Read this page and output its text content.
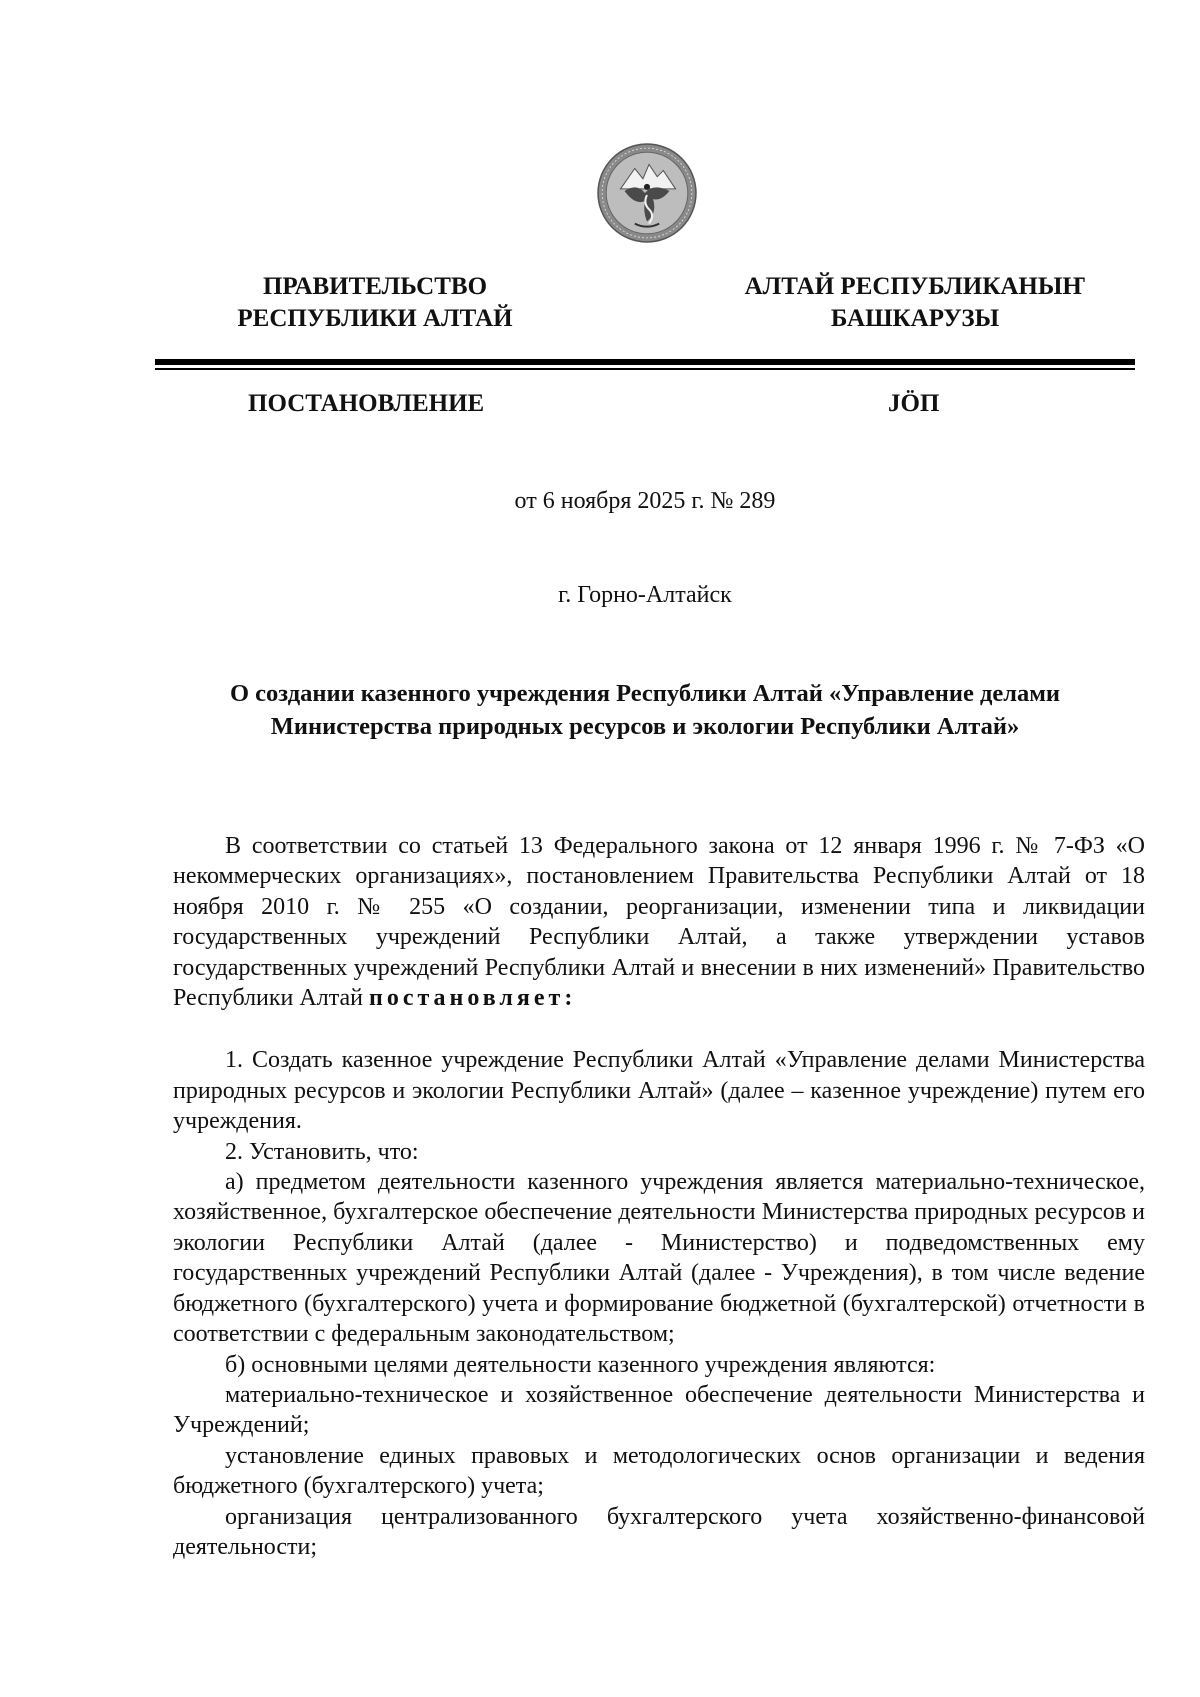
ПРАВИТЕЛЬСТВО
РЕСПУБЛИКИ АЛТАЙ
АЛТАЙ РЕСПУБЛИКАНЫҤ
БАШКАРУЗЫ
ПОСТАНОВЛЕНИЕ	ЈӦП
от 6 ноября 2025 г. № 289
г. Горно-Алтайск
О создании казенного учреждения Республики Алтай «Управление делами
Министерства природных ресурсов и экологии Республики Алтай»

В соответствии со статьей 13 Федерального закона от 12 января 1996 г. № 7-ФЗ «О некоммерческих организациях», постановлением Правительства Республики Алтай от 18 ноября 2010 г. № 255 «О создании, реорганизации, изменении типа и ликвидации государственных учреждений Республики Алтай, а также утверждении уставов государственных учреждений Республики Алтай и внесении в них изменений» Правительство Республики Алтай постановляет:

1. Создать казенное учреждение Республики Алтай «Управление делами Министерства природных ресурсов и экологии Республики Алтай» (далее – казенное учреждение) путем его учреждения.

2. Установить, что:

а) предметом деятельности казенного учреждения является материально-техническое, хозяйственное, бухгалтерское обеспечение деятельности Министерства природных ресурсов и экологии Республики Алтай (далее - Министерство) и подведомственных ему государственных учреждений Республики Алтай (далее - Учреждения), в том числе ведение бюджетного (бухгалтерского) учета и формирование бюджетной (бухгалтерской) отчетности в соответствии с федеральным законодательством;

б) основными целями деятельности казенного учреждения являются:

материально-техническое и хозяйственное обеспечение деятельности Министерства и Учреждений;

установление единых правовых и методологических основ организации и ведения бюджетного (бухгалтерского) учета;

организация централизованного бухгалтерского учета хозяйственно-финансовой деятельности;
